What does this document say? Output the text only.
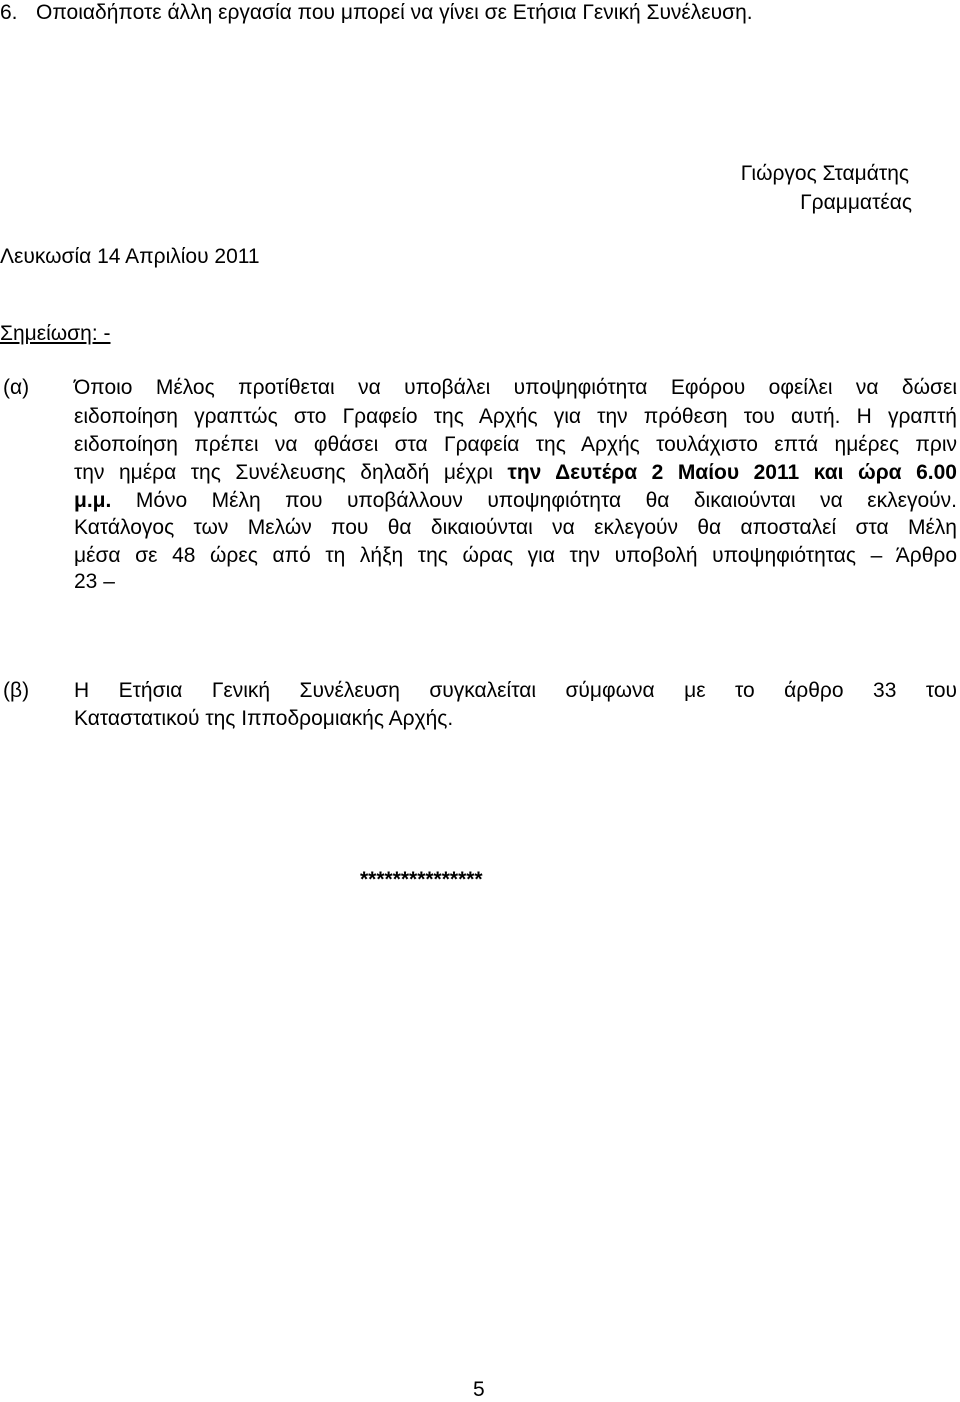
6. Οποιαδήποτε άλλη εργασία που μπορεί να γίνει σε Ετήσια Γενική Συνέλευση.
Γιώργος Σταμάτης
Γραμματέας
Λευκωσία 14 Απριλίου 2011
Σημείωση: -
(α) Όποιο Μέλος προτίθεται να υποβάλει υποψηφιότητα Εφόρου οφείλει να δώσει
ειδοποίηση γραπτώς στο Γραφείο της Αρχής για την πρόθεση του αυτή. Η γραπτή
ειδοποίηση πρέπει να φθάσει στα Γραφεία της Αρχής τουλάχιστο επτά ημέρες πριν
την ημέρα της Συνέλευσης δηλαδή μέχρι την Δευτέρα 2 Μαίου 2011 και ώρα 6.00
μ.μ. Μόνο Μέλη που υποβάλλουν υποψηφιότητα θα δικαιούνται να εκλεγούν.
Κατάλογος των Μελών που θα δικαιούνται να εκλεγούν θα αποσταλεί στα Μέλη
μέσα σε 48 ώρες από τη λήξη της ώρας για την υποβολή υποψηφιότητας – Άρθρο
23 –
(β) Η Ετήσια Γενική Συνέλευση συγκαλείται σύμφωνα με το άρθρο 33 του
Καταστατικού της Ιπποδρομιακής Αρχής.
***************
5
